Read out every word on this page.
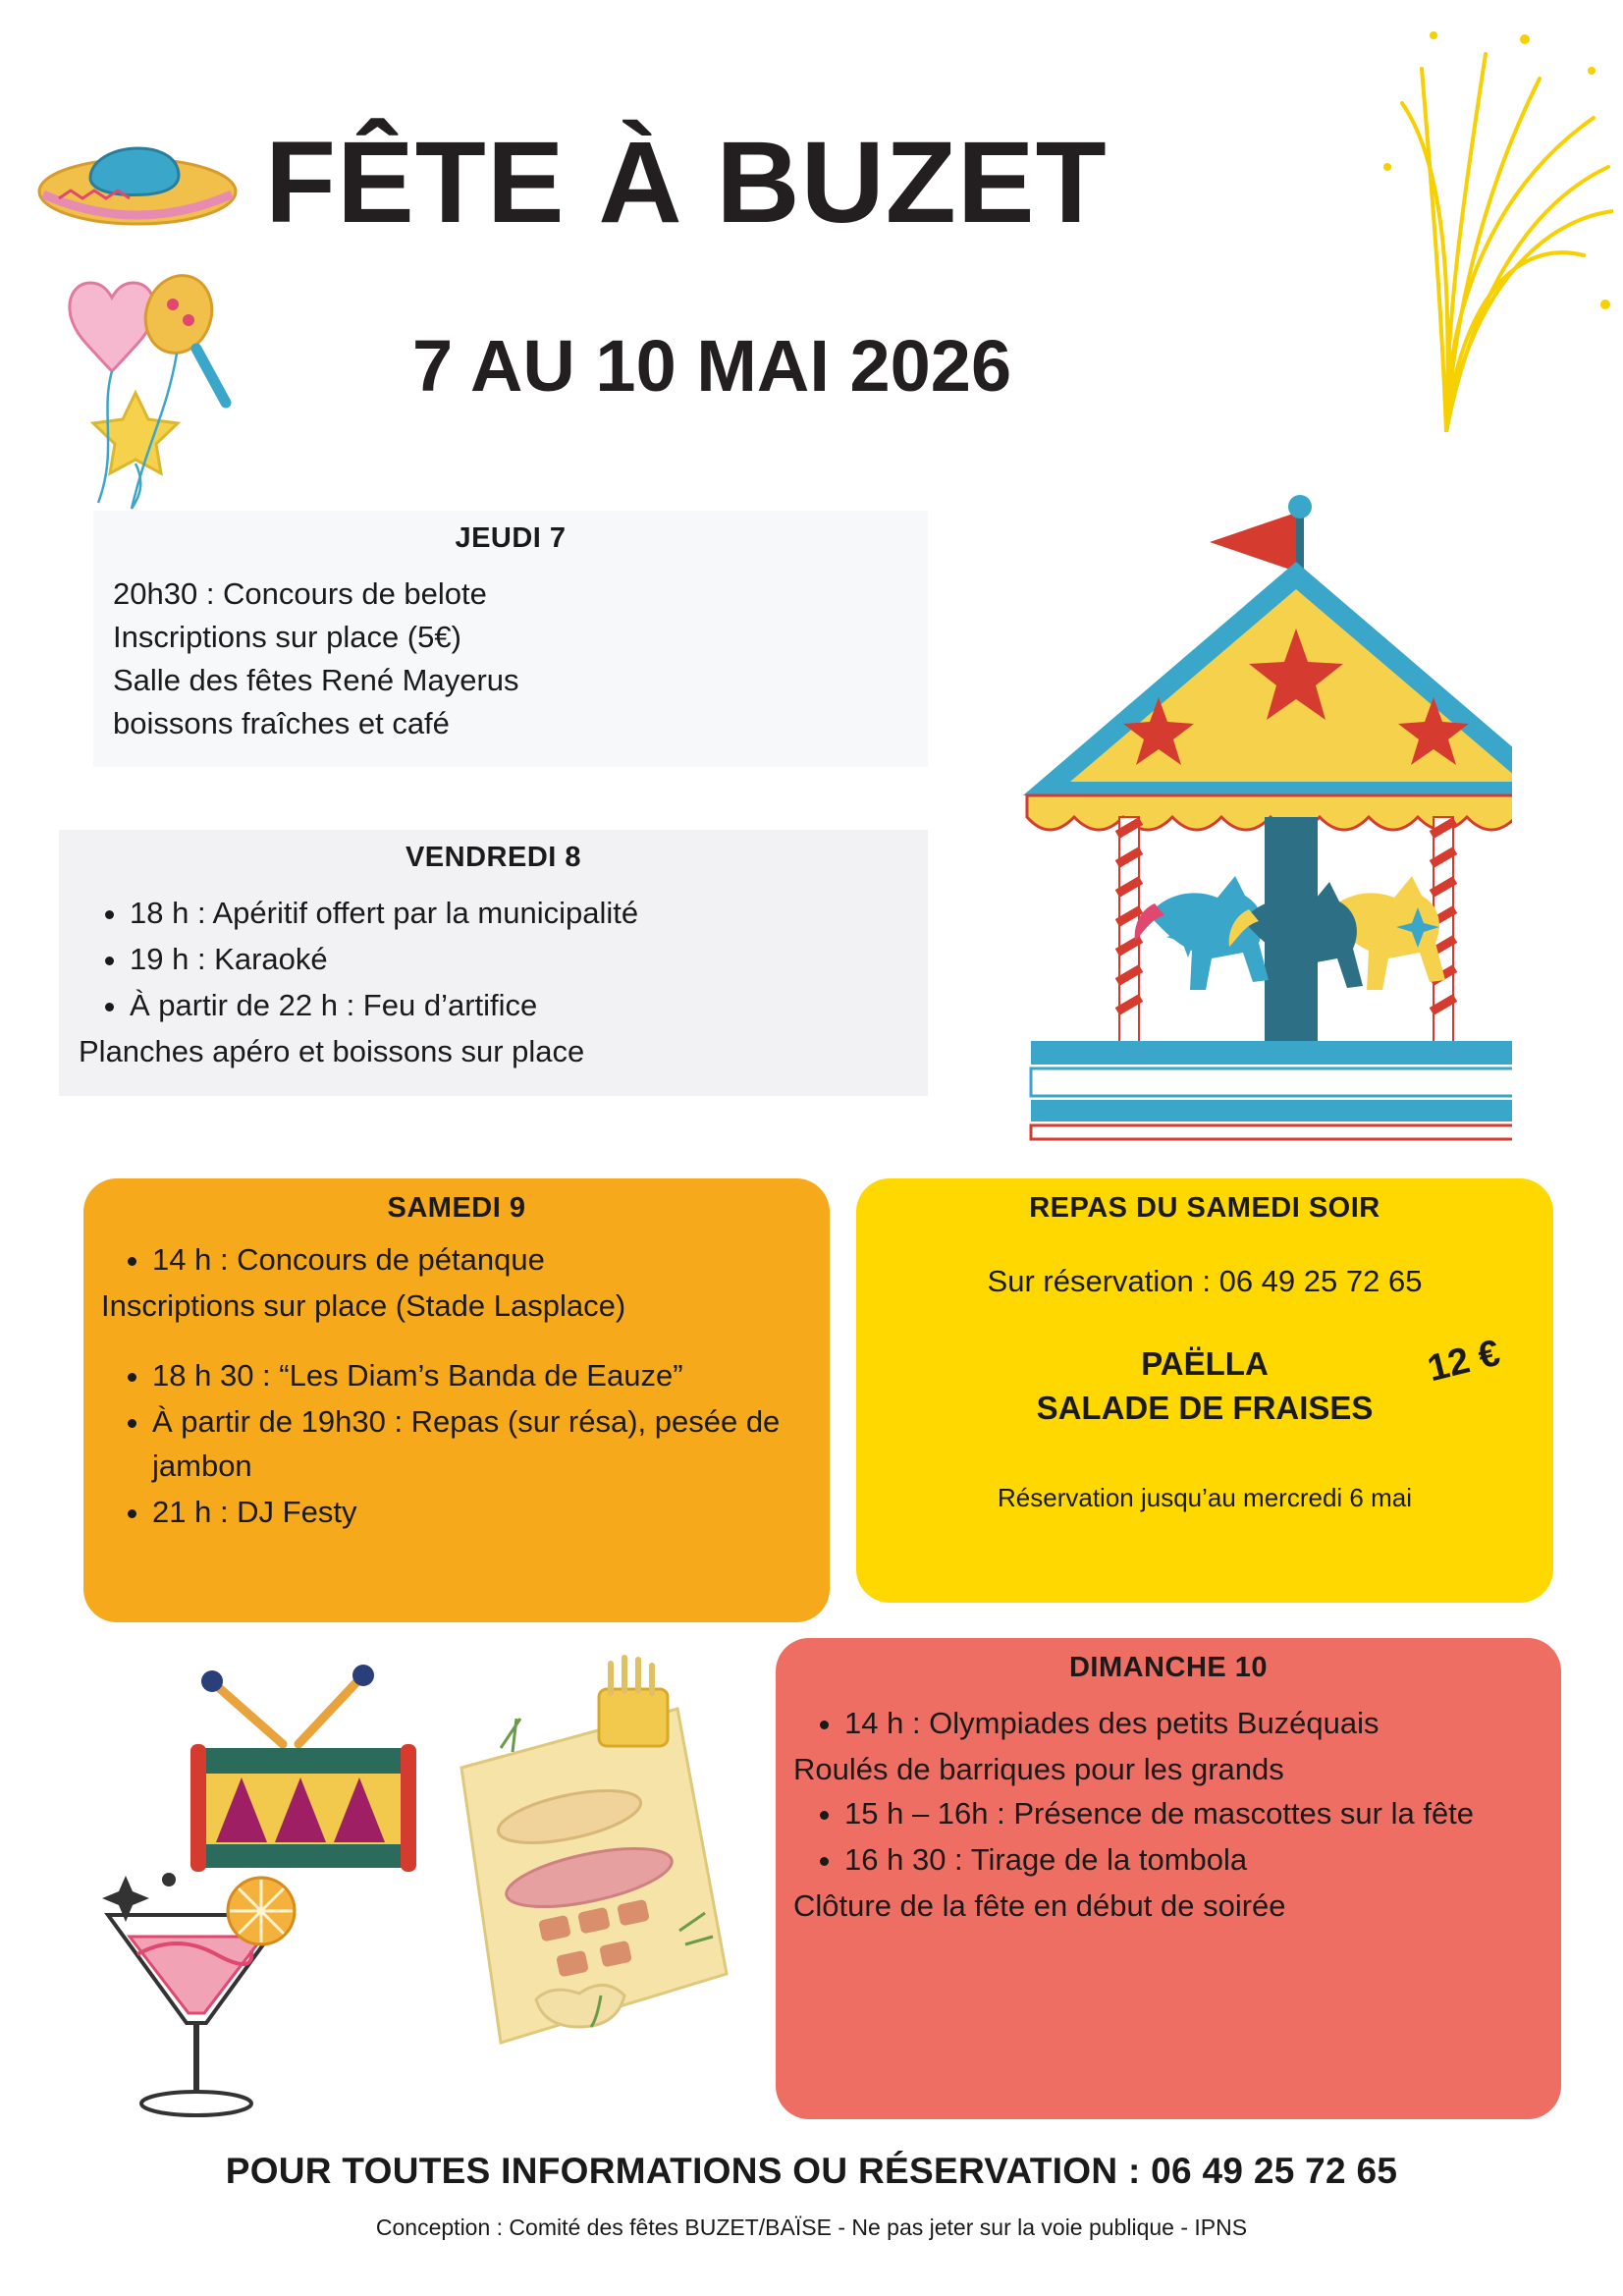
JEUDI 7
20h30 : Concours de belote
Inscriptions sur place (5€)
Salle des fêtes René Mayerus
boissons fraîches et café
VENDREDI 8
• 18 h : Apéritif offert par la municipalité
• 19 h : Karaoké
• À partir de 22 h : Feu d’artifice
Planches apéro et boissons sur place
SAMEDI 9
• 14 h : Concours de pétanque
Inscriptions sur place (Stade Lasplace)
• 18 h 30 : “Les Diam’s Banda de Eauze”
• À partir de 19h30 : Repas (sur résa), pesée de jambon
• 21 h : DJ Festy
REPAS DU SAMEDI SOIR
Sur réservation : 06 49 25 72 65
PAËLLA
SALADE DE FRAISES
12 €
Réservation jusqu’au mercredi 6 mai
DIMANCHE 10
• 14 h : Olympiades des petits Buzéquais
Roulés de barriques pour les grands
• 15 h – 16h : Présence de mascottes sur la fête
• 16 h 30 : Tirage de la tombola
Clôture de la fête en début de soirée
FÊTE À BUZET
7 AU 10 MAI 2026
POUR TOUTES INFORMATIONS OU RÉSERVATION : 06 49 25 72 65
Conception : Comité des fêtes BUZET/BAÏSE - Ne pas jeter sur la voie publique - IPNS
